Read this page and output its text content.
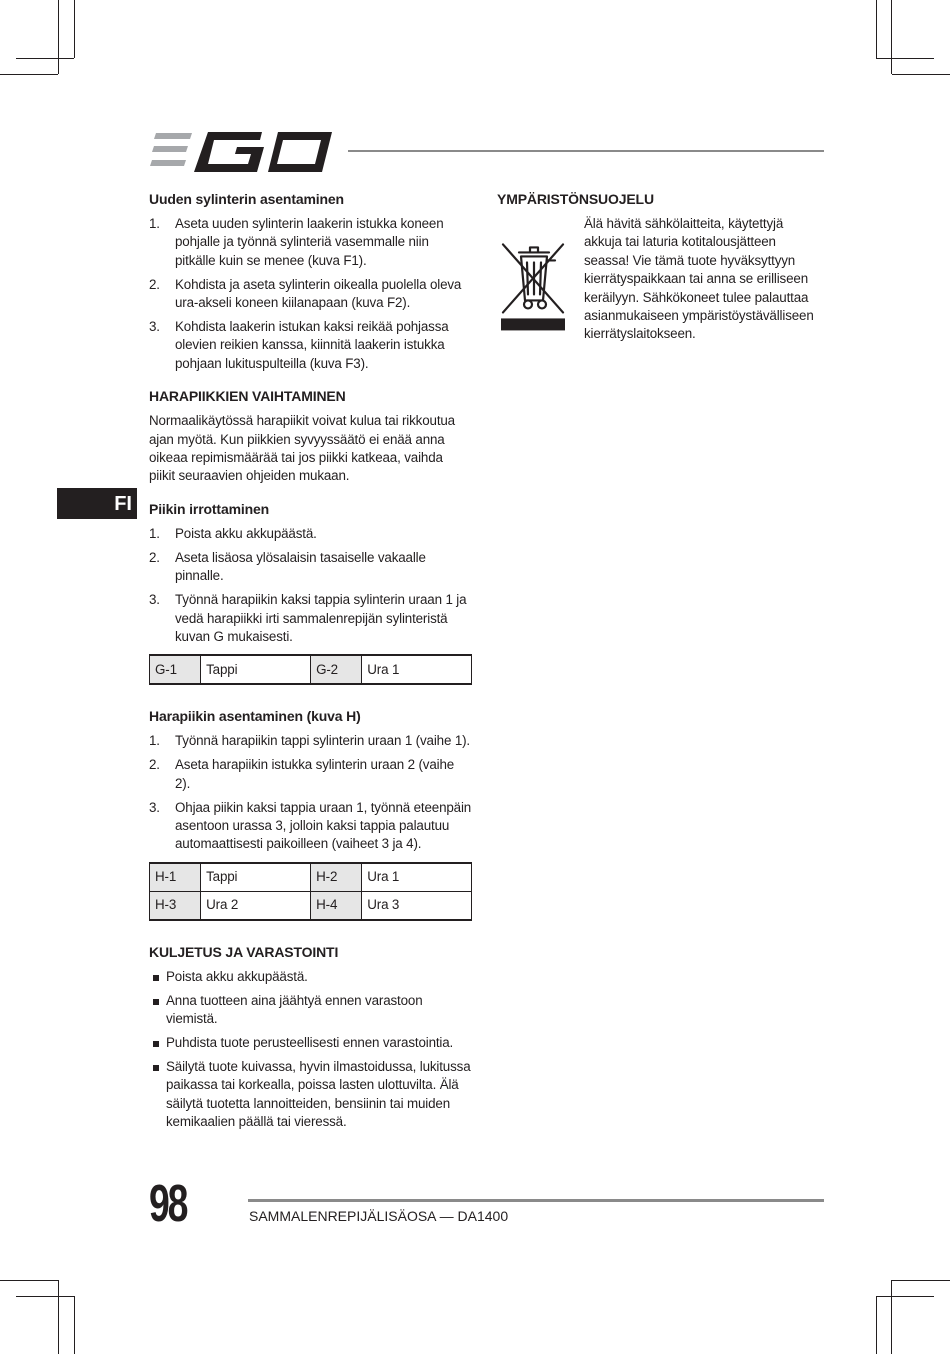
FI
Uuden sylinterin asentaminen
1. Aseta uuden sylinterin laakerin istukka koneen pohjalle ja työnnä sylinteriä vasemmalle niin pitkälle kuin se menee (kuva F1).
2. Kohdista ja aseta sylinterin oikealla puolella oleva ura-akseli koneen kiilanapaan (kuva F2).
3. Kohdista laakerin istukan kaksi reikää pohjassa olevien reikien kanssa, kiinnitä laakerin istukka pohjaan lukituspulteilla (kuva F3).
HARAPIIKKIEN VAIHTAMINEN

Normaalikäytössä harapiikit voivat kulua tai rikkoutua ajan myötä. Kun piikkien syvyyssäätö ei enää anna oikeaa repimismäärää tai jos piikki katkeaa, vaihda piikit seuraavien ohjeiden mukaan.

Piikin irrottaminen
1. Poista akku akkupäästä.
2. Aseta lisäosa ylösalaisin tasaiselle vakaalle pinnalle.
3. Työnnä harapiikin kaksi tappia sylinterin uraan 1 ja vedä harapiikki irti sammalenrepijän sylinteristä kuvan G mukaisesti.
G-1	Tappi	G-2	Ura 1
Harapiikin asentaminen (kuva H)
1. Työnnä harapiikin tappi sylinterin uraan 1 (vaihe 1).
2. Aseta harapiikin istukka sylinterin uraan 2 (vaihe 2).
3. Ohjaa piikin kaksi tappia uraan 1, työnnä eteenpäin asentoon urassa 3, jolloin kaksi tappia palautuu automaattisesti paikoilleen (vaiheet 3 ja 4).
H-1	Tappi	H-2	Ura 1
H-3	Ura 2	H-4	Ura 3
KULJETUS JA VARASTOINTI
Poista akku akkupäästä.
Anna tuotteen aina jäähtyä ennen varastoon viemistä.
Puhdista tuote perusteellisesti ennen varastointia.
Säilytä tuote kuivassa, hyvin ilmastoidussa, lukitussa paikassa tai korkealla, poissa lasten ulottuvilta. Älä säilytä tuotetta lannoitteiden, bensiinin tai muiden kemikaalien päällä tai vieressä.
YMPÄRISTÖNSUOJELU
Älä hävitä sähkölaitteita, käytettyjä akkuja tai laturia kotitalousjätteen seassa! Vie tämä tuote hyväksyttyyn kierrätyspaikkaan tai anna se erilliseen keräilyyn. Sähkökoneet tulee palauttaa asianmukaiseen ympäristöystävälliseen kierrätyslaitokseen.
98	SAMMALENREPIJÄLISÄOSA — DA1400
